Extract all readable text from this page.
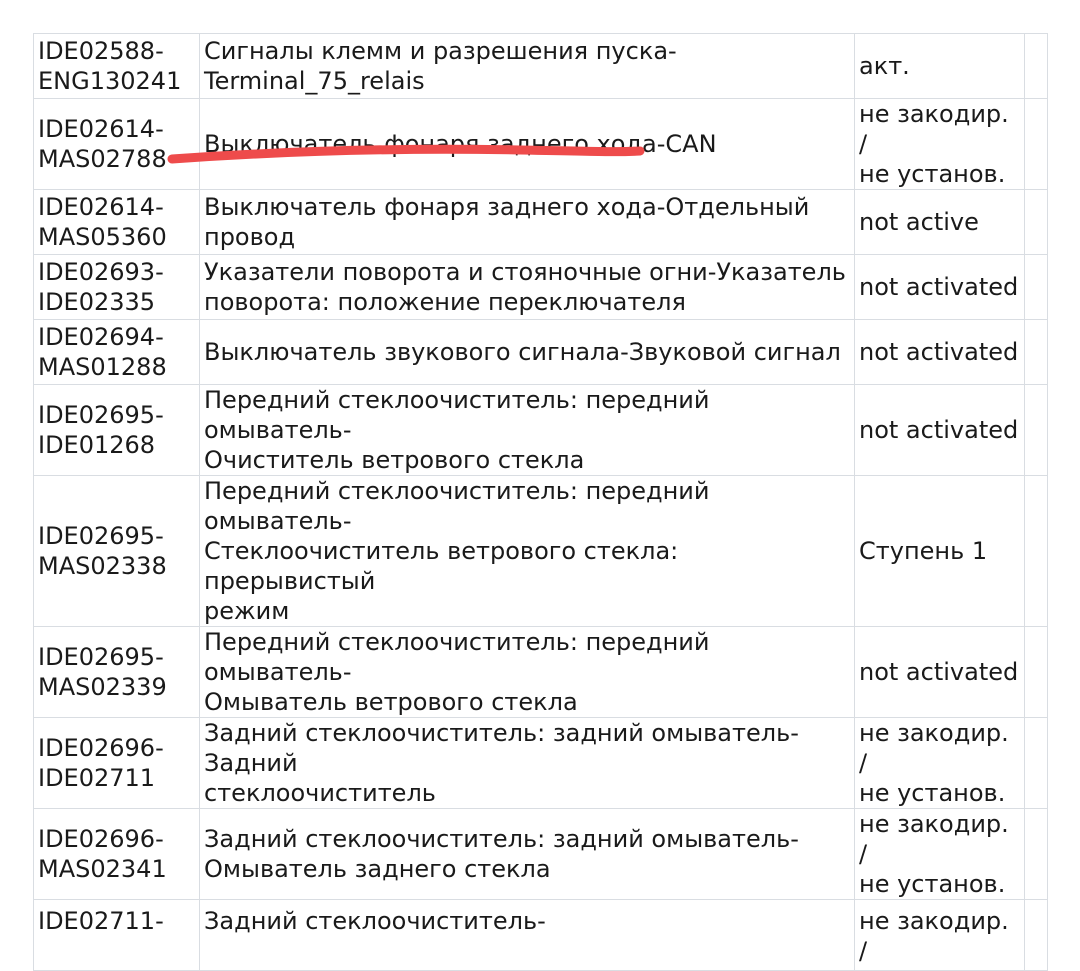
IDE02588-
ENG130241	Сигналы клемм и разрешения пуска-Terminal_75_relais	акт.	

IDE02614-
MAS02788	Выключатель фонаря заднего хода-CAN	не закодир. /
не установ.	

IDE02614-
MAS05360	Выключатель фонаря заднего хода-Отдельный
провод	not active	

IDE02693-
IDE02335	Указатели поворота и стояночные огни-Указатель
поворота: положение переключателя	not activated	

IDE02694-
MAS01288	Выключатель звукового сигнала-Звуковой сигнал	not activated	

IDE02695-
IDE01268	Передний стеклоочиститель: передний омыватель-
Очиститель ветрового стекла	not activated	

IDE02695-
MAS02338	Передний стеклоочиститель: передний омыватель-
Стеклоочиститель ветрового стекла: прерывистый
режим	Ступень 1	

IDE02695-
MAS02339	Передний стеклоочиститель: передний омыватель-
Омыватель ветрового стекла	not activated	

IDE02696-
IDE02711	Задний стеклоочиститель: задний омыватель-Задний
стеклоочиститель	не закодир. /
не установ.	

IDE02696-
MAS02341	Задний стеклоочиститель: задний омыватель-
Омыватель заднего стекла	не закодир. /
не установ.	

IDE02711-	Задний стеклоочиститель-	не закодир. /	
